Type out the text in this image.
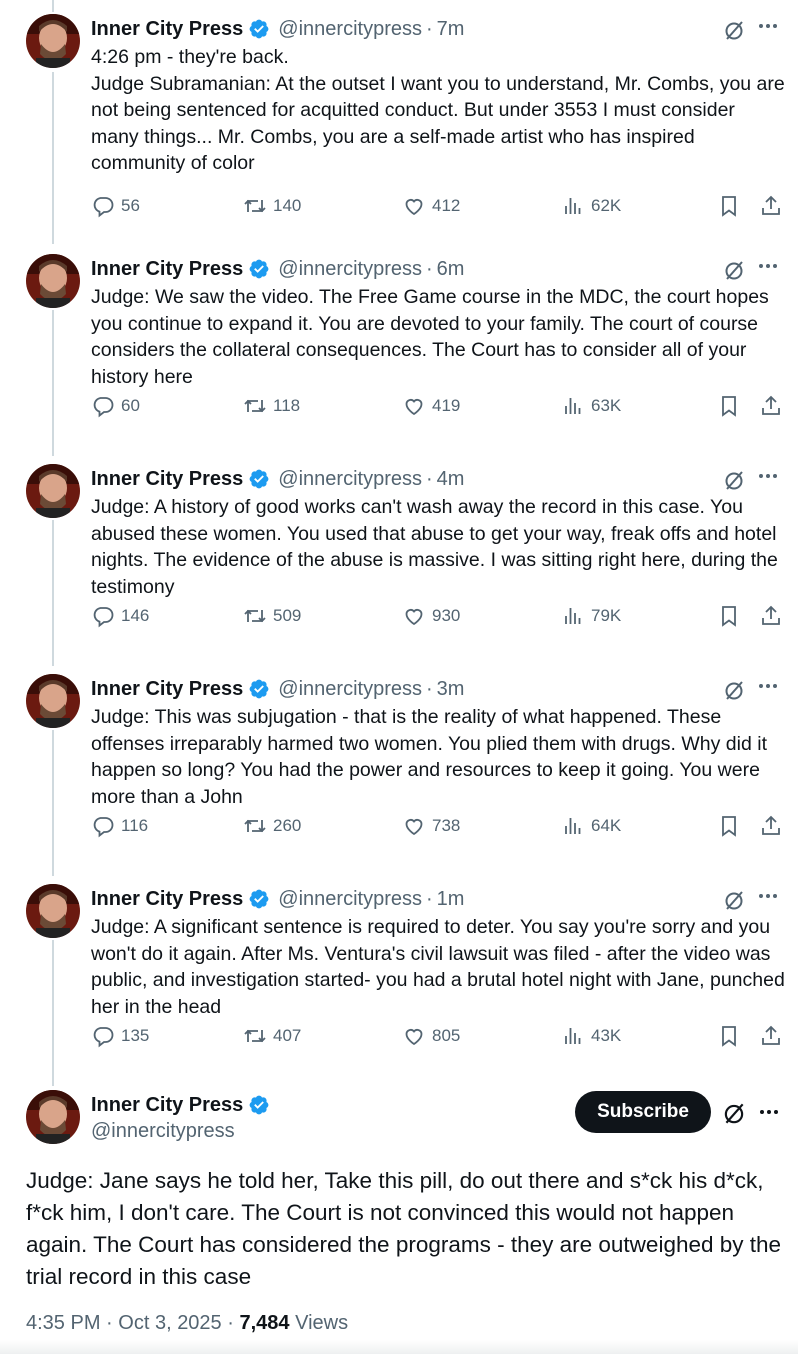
Inner City Press @innercitypress · 7m
4:26 pm - they're back.
Judge Subramanian: At the outset I want you to understand, Mr. Combs, you are not being sentenced for acquitted conduct. But under 3553 I must consider many things... Mr. Combs, you are a self-made artist who has inspired community of color
56	140	412	62K
Inner City Press @innercitypress · 6m
Judge: We saw the video. The Free Game course in the MDC, the court hopes you continue to expand it. You are devoted to your family. The court of course considers the collateral consequences. The Court has to consider all of your history here
60	118	419	63K
Inner City Press @innercitypress · 4m
Judge: A history of good works can't wash away the record in this case. You abused these women. You used that abuse to get your way, freak offs and hotel nights. The evidence of the abuse is massive. I was sitting right here, during the testimony
146	509	930	79K
Inner City Press @innercitypress · 3m
Judge: This was subjugation - that is the reality of what happened. These offenses irreparably harmed two women. You plied them with drugs. Why did it happen so long? You had the power and resources to keep it going. You were more than a John
116	260	738	64K
Inner City Press @innercitypress · 1m
Judge: A significant sentence is required to deter. You say you're sorry and you won't do it again. After Ms. Ventura's civil lawsuit was filed - after the video was public, and investigation started- you had a brutal hotel night with Jane, punched her in the head
135	407	805	43K
Inner City Press
@innercitypress
Subscribe
Judge: Jane says he told her, Take this pill, do out there and s*ck his d*ck, f*ck him, I don't care. The Court is not convinced this would not happen again. The Court has considered the programs - they are outweighed by the trial record in this case
4:35 PM · Oct 3, 2025 · 7,484 Views
